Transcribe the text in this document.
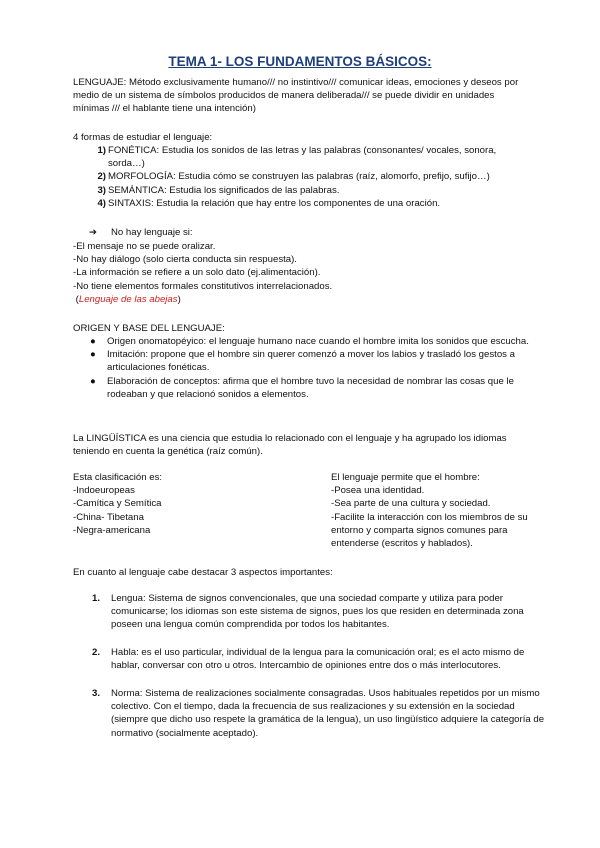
TEMA 1- LOS FUNDAMENTOS BÁSICOS:

LENGUAJE: Método exclusivamente humano/// no instintivo/// comunicar ideas, emociones y deseos por medio de un sistema de símbolos producidos de manera deliberada/// se puede dividir en unidades mínimas /// el hablante tiene una intención)

4 formas de estudiar el lenguaje:

1) FONÉTICA: Estudia los sonidos de las letras y las palabras (consonantes/ vocales, sonora, sorda…)
2) MORFOLOGÍA: Estudia cómo se construyen las palabras (raíz, alomorfo, prefijo, sufijo…)
3) SEMÁNTICA: Estudia los significados de las palabras.
4) SINTAXIS: Estudia la relación que hay entre los componentes de una oración.

➔ No hay lenguaje si:

-El mensaje no se puede oralizar.

-No hay diálogo (solo cierta conducta sin respuesta).

-La información se refiere a un solo dato (ej.alimentación).

-No tiene elementos formales constitutivos interrelacionados.

(Lenguaje de las abejas)

ORIGEN Y BASE DEL LENGUAJE:

● Origen onomatopéyico: el lenguaje humano nace cuando el hombre imita los sonidos que escucha.
● Imitación: propone que el hombre sin querer comenzó a mover los labios y trasladó los gestos a articulaciones fonéticas.
● Elaboración de conceptos: afirma que el hombre tuvo la necesidad de nombrar las cosas que le rodeaban y que relacionó sonidos a elementos.

La LINGÜÍSTICA es una ciencia que estudia lo relacionado con el lenguaje y ha agrupado los idiomas teniendo en cuenta la genética (raíz común).

Esta clasificación es:

-Indoeuropeas

-Camítica y Semítica

-China- Tibetana

-Negra-americana

El lenguaje permite que el hombre:

-Posea una identidad.

-Sea parte de una cultura y sociedad.

-Facilite la interacción con los miembros de su entorno y comparta signos comunes para entenderse (escritos y hablados).

En cuanto al lenguaje cabe destacar 3 aspectos importantes:

1.	Lengua: Sistema de signos convencionales, que una sociedad comparte y utiliza para poder comunicarse; los idiomas son este sistema de signos, pues los que residen en determinada zona poseen una lengua común comprendida por todos los habitantes.

2.	Habla: es el uso particular, individual de la lengua para la comunicación oral; es el acto mismo de hablar, conversar con otro u otros. Intercambio de opiniones entre dos o más interlocutores.

3.	Norma: Sistema de realizaciones socialmente consagradas. Usos habituales repetidos por un mismo colectivo. Con el tiempo, dada la frecuencia de sus realizaciones y su extensión en la sociedad (siempre que dicho uso respete la gramática de la lengua), un uso lingüístico adquiere la categoría de normativo (socialmente aceptado).
